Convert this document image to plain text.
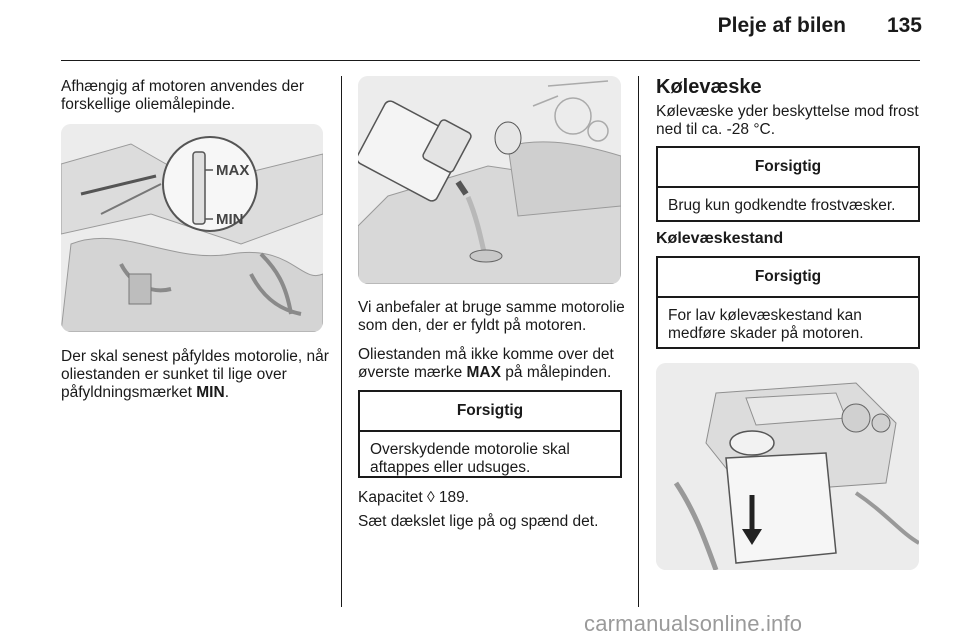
Pleje af bilen 135

Afhængig af motoren anvendes der forskellige oliemålepinde.

MAX
MIN

Der skal senest påfyldes motorolie, når oliestanden er sunket til lige over påfyldningsmærket MIN.

Vi anbefaler at bruge samme motorolie som den, der er fyldt på motoren.

Oliestanden må ikke komme over det øverste mærke MAX på målepinden.

Forsigtig
Overskydende motorolie skal aftappes eller udsuges.

Kapacitet ◊ 189.

Sæt dækslet lige på og spænd det.

Kølevæske

Kølevæske yder beskyttelse mod frost ned til ca. -28 °C.

Forsigtig
Brug kun godkendte frostvæsker.
Kølevæskestand
Forsigtig
For lav kølevæskestand kan medføre skader på motoren.
carmanualsonline.info
